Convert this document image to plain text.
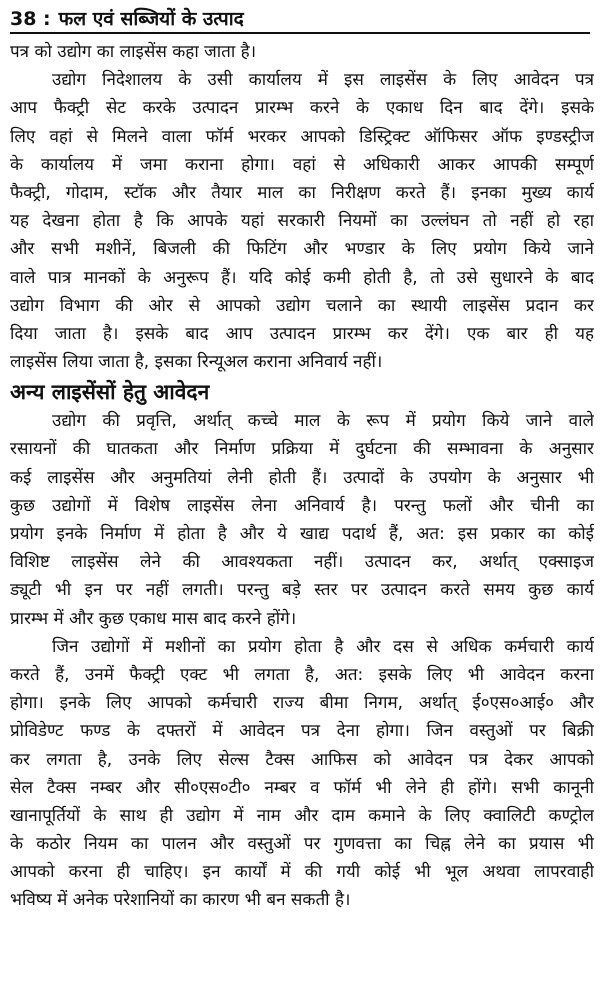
38 : फल एवं सब्जियों के उत्पाद
पत्र को उद्योग का लाइसेंस कहा जाता है।
उद्योग निदेशालय के उसी कार्यालय में इस लाइसेंस के लिए आवेदन पत्र
आप फैक्ट्री सेट करके उत्पादन प्रारम्भ करने के एकाध दिन बाद देंगे। इसके
लिए वहां से मिलने वाला फॉर्म भरकर आपको डिस्ट्रिक्ट ऑफिसर ऑफ इण्डस्ट्रीज
के कार्यालय में जमा कराना होगा। वहां से अधिकारी आकर आपकी सम्पूर्ण
फैक्ट्री, गोदाम, स्टॉक और तैयार माल का निरीक्षण करते हैं। इनका मुख्य कार्य
यह देखना होता है कि आपके यहां सरकारी नियमों का उल्लंघन तो नहीं हो रहा
और सभी मशीनें, बिजली की फिटिंग और भण्डार के लिए प्रयोग किये जाने
वाले पात्र मानकों के अनुरूप हैं। यदि कोई कमी होती है, तो उसे सुधारने के बाद
उद्योग विभाग की ओर से आपको उद्योग चलाने का स्थायी लाइसेंस प्रदान कर
दिया जाता है। इसके बाद आप उत्पादन प्रारम्भ कर देंगे। एक बार ही यह
लाइसेंस लिया जाता है, इसका रिन्यूअल कराना अनिवार्य नहीं।
अन्य लाइसेंसों हेतु आवेदन
उद्योग की प्रवृत्ति, अर्थात् कच्चे माल के रूप में प्रयोग किये जाने वाले
रसायनों की घातकता और निर्माण प्रक्रिया में दुर्घटना की सम्भावना के अनुसार
कई लाइसेंस और अनुमतियां लेनी होती हैं। उत्पादों के उपयोग के अनुसार भी
कुछ उद्योगों में विशेष लाइसेंस लेना अनिवार्य है। परन्तु फलों और चीनी का
प्रयोग इनके निर्माण में होता है और ये खाद्य पदार्थ हैं, अत: इस प्रकार का कोई
विशिष्ट लाइसेंस लेने की आवश्यकता नहीं। उत्पादन कर, अर्थात् एक्साइज
ड्यूटी भी इन पर नहीं लगती। परन्तु बड़े स्तर पर उत्पादन करते समय कुछ कार्य
प्रारम्भ में और कुछ एकाध मास बाद करने होंगे।
जिन उद्योगों में मशीनों का प्रयोग होता है और दस से अधिक कर्मचारी कार्य
करते हैं, उनमें फैक्ट्री एक्ट भी लगता है, अत: इसके लिए भी आवेदन करना
होगा। इनके लिए आपको कर्मचारी राज्य बीमा निगम, अर्थात् ई०एस०आई० और
प्रोविडेण्ट फण्ड के दफ्तरों में आवेदन पत्र देना होगा। जिन वस्तुओं पर बिक्री
कर लगता है, उनके लिए सेल्स टैक्स आफिस को आवेदन पत्र देकर आपको
सेल टैक्स नम्बर और सी०एस०टी० नम्बर व फॉर्म भी लेने ही होंगे। सभी कानूनी
खानापूर्तियों के साथ ही उद्योग में नाम और दाम कमाने के लिए क्वालिटी कण्ट्रोल
के कठोर नियम का पालन और वस्तुओं पर गुणवत्ता का चिह्न लेने का प्रयास भी
आपको करना ही चाहिए। इन कार्यों में की गयी कोई भी भूल अथवा लापरवाही
भविष्य में अनेक परेशानियों का कारण भी बन सकती है।
